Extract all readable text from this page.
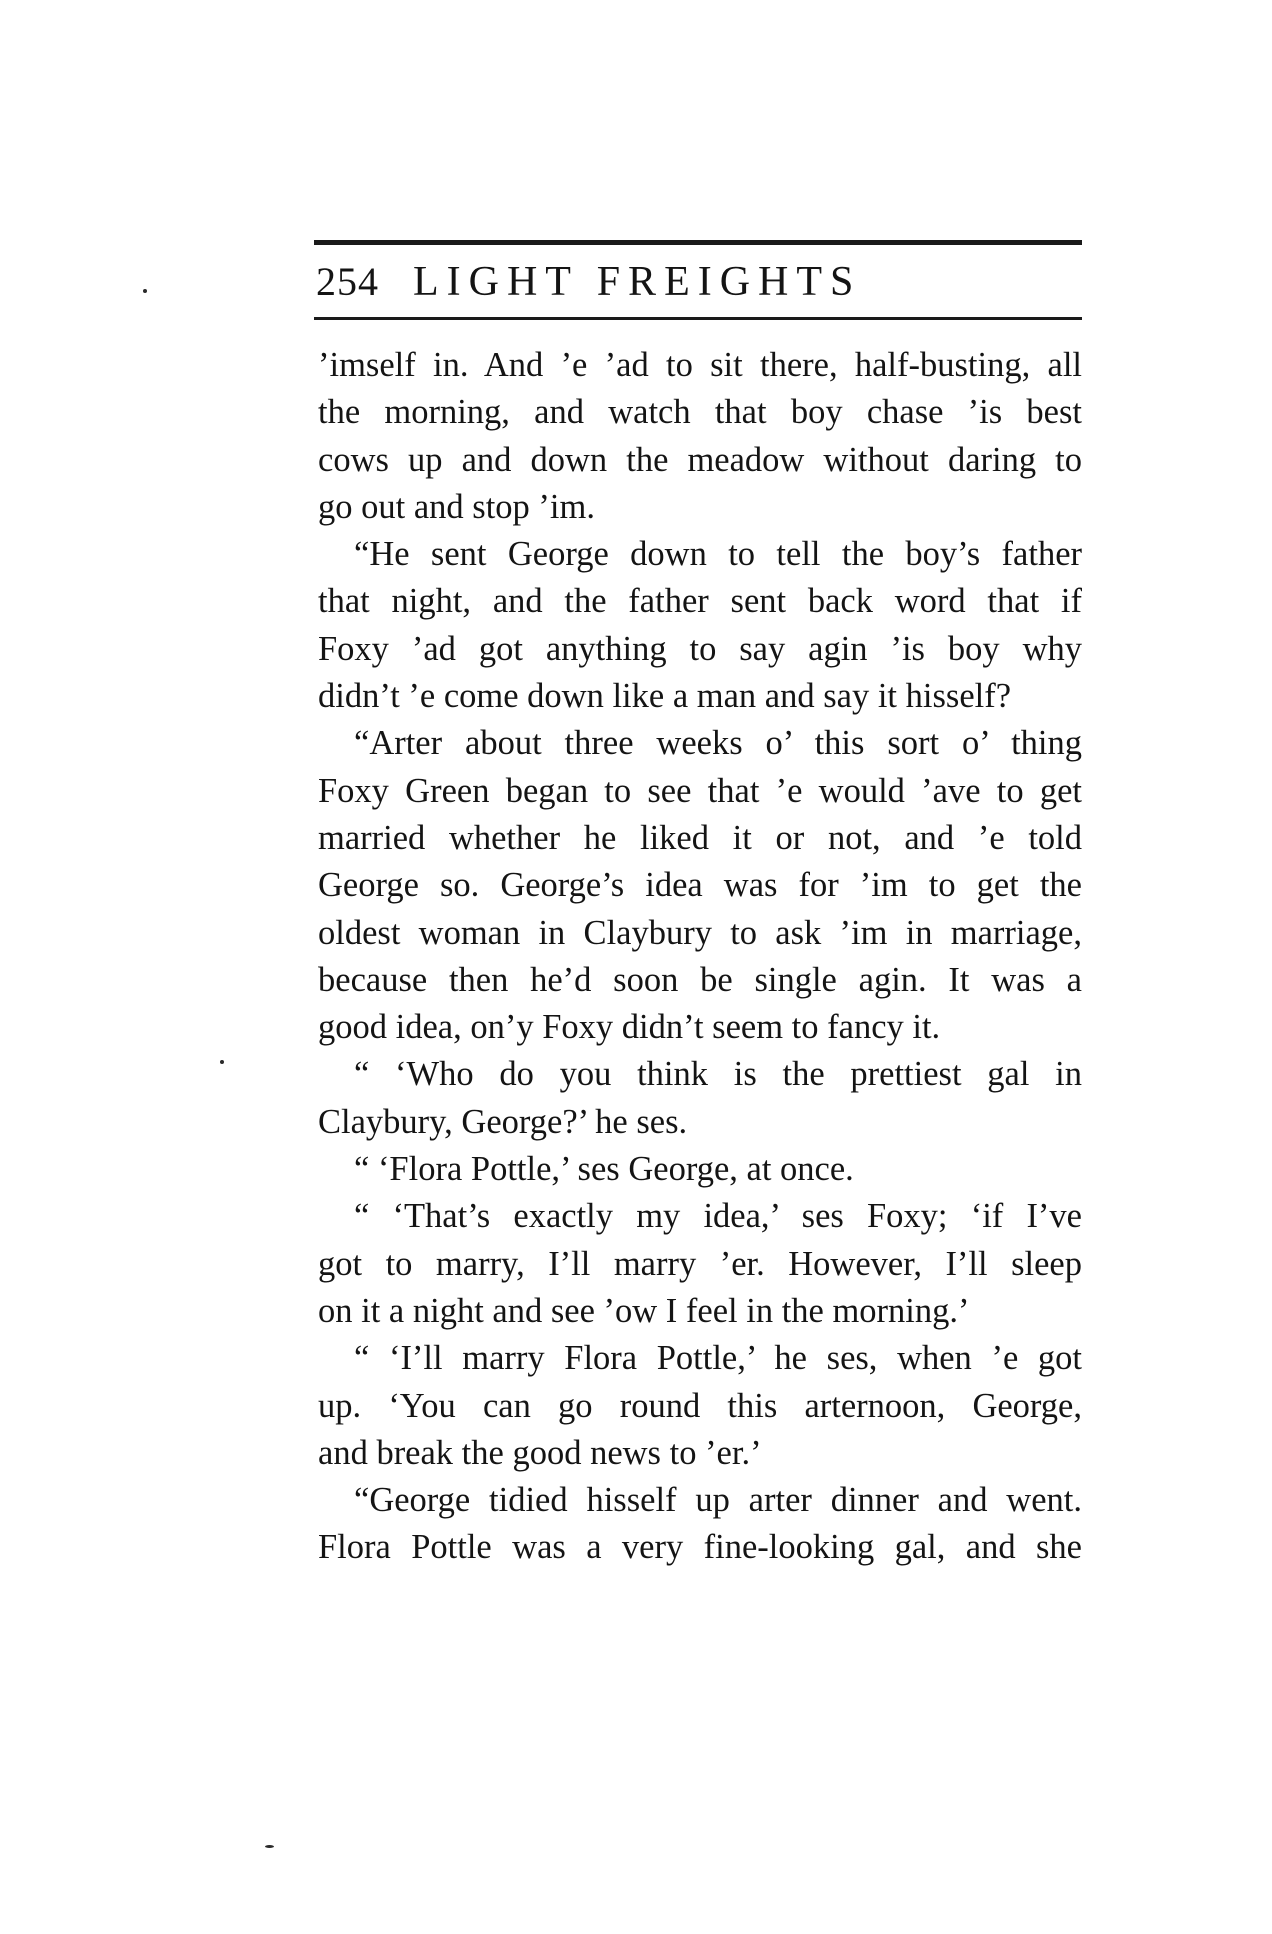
254 LIGHT FREIGHTS
’imself in. And ’e ’ad to sit there, half-busting, all
the morning, and watch that boy chase ’is best
cows up and down the meadow without daring to
go out and stop ’im.
“He sent George down to tell the boy’s father
that night, and the father sent back word that if
Foxy ’ad got anything to say agin ’is boy why
didn’t ’e come down like a man and say it hisself?
“Arter about three weeks o’ this sort o’ thing
Foxy Green began to see that ’e would ’ave to get
married whether he liked it or not, and ’e told
George so. George’s idea was for ’im to get the
oldest woman in Claybury to ask ’im in marriage,
because then he’d soon be single agin. It was a
good idea, on’y Foxy didn’t seem to fancy it.
“ ‘Who do you think is the prettiest gal in
Claybury, George?’ he ses.
“ ‘Flora Pottle,’ ses George, at once.
“ ‘That’s exactly my idea,’ ses Foxy; ‘if I’ve
got to marry, I’ll marry ’er. However, I’ll sleep
on it a night and see ’ow I feel in the morning.’
“ ‘I’ll marry Flora Pottle,’ he ses, when ’e got
up. ‘You can go round this arternoon, George,
and break the good news to ’er.’
“George tidied hisself up arter dinner and went.
Flora Pottle was a very fine-looking gal, and she
